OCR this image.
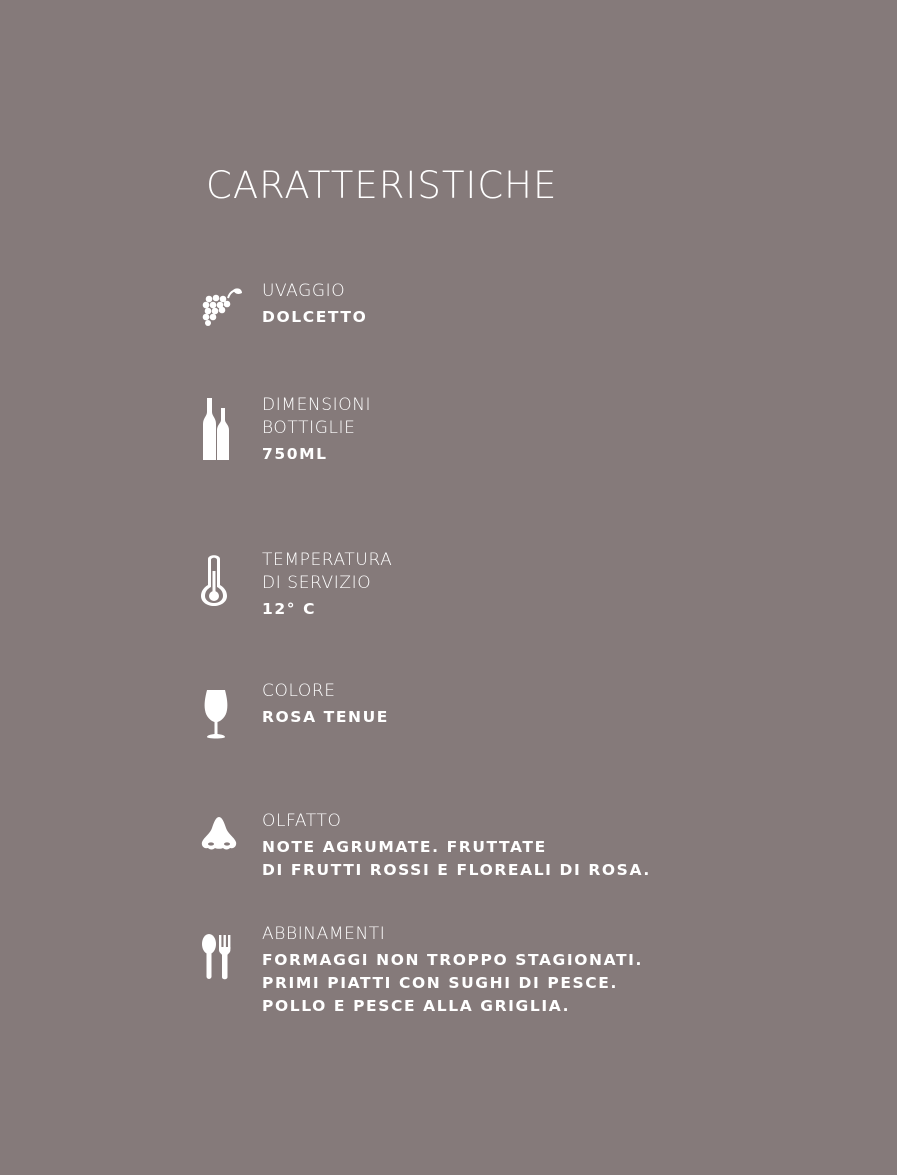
CARATTERISTICHE
UVAGGIO
DOLCETTO
DIMENSIONI
BOTTIGLIE
750ML
TEMPERATURA
DI SERVIZIO
12° C
COLORE
ROSA TENUE
OLFATTO
NOTE AGRUMATE. FRUTTATE
DI FRUTTI ROSSI E FLOREALI DI ROSA.
ABBINAMENTI
FORMAGGI NON TROPPO STAGIONATI.
PRIMI PIATTI CON SUGHI DI PESCE.
POLLO E PESCE ALLA GRIGLIA.
